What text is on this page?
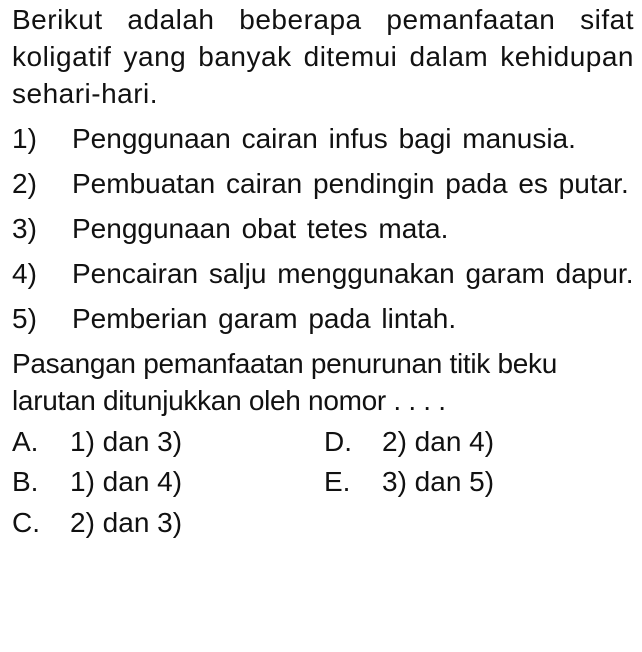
Berikut adalah beberapa pemanfaatan sifat koligatif yang banyak ditemui dalam kehidupan sehari-hari.

1)	Penggunaan cairan infus bagi manusia.
2)	Pembuatan cairan pendingin pada es putar.
3)	Penggunaan obat tetes mata.
4)	Pencairan salju menggunakan garam dapur.
5)	Pemberian garam pada lintah.

Pasangan pemanfaatan penurunan titik beku larutan ditunjukkan oleh nomor . . . .

A.	1) dan 3)	D.	2) dan 4)
B.	1) dan 4)	E.	3) dan 5)
C.	2) dan 3)
